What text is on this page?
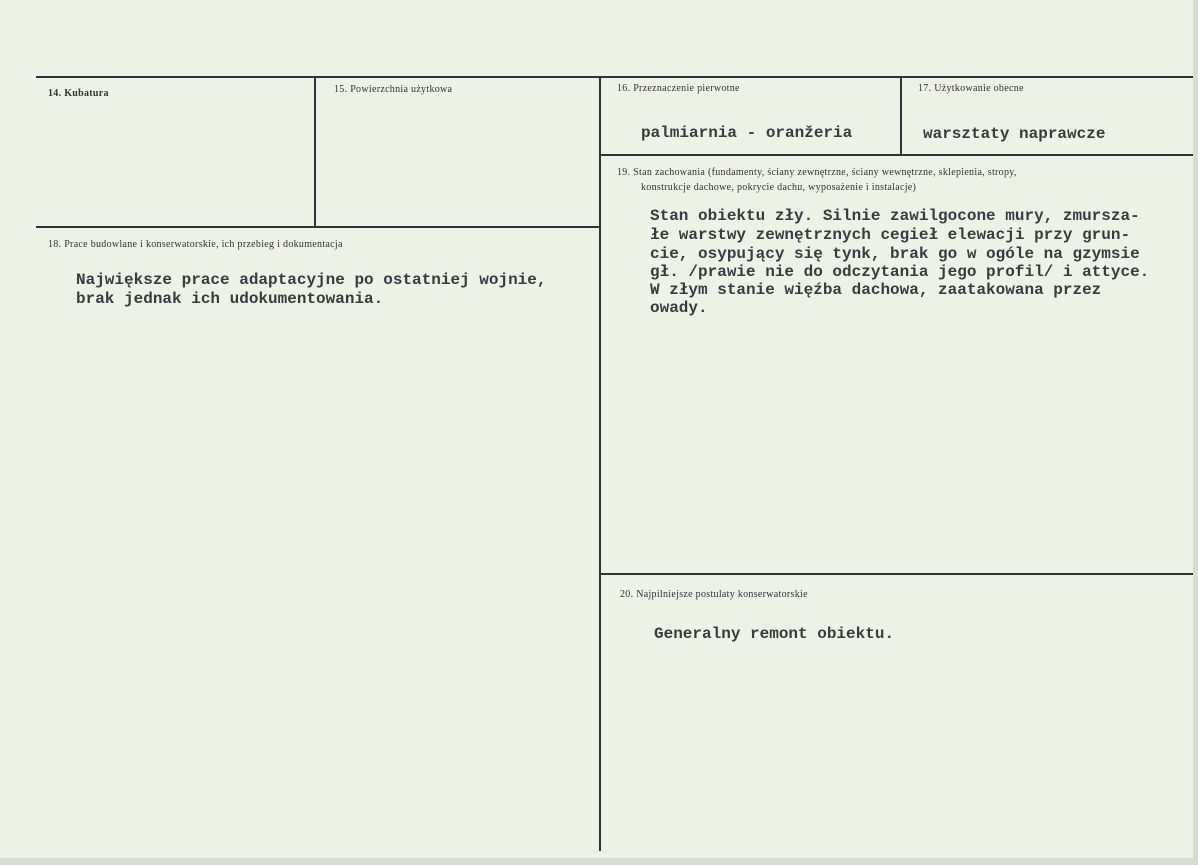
14. Kubatura	15. Powierzchnia użytkowa	16. Przeznaczenie pierwotne
palmiarnia - oranžeria
17. Użytkowanie obecne
warsztaty naprawcze
18. Prace budowlane i konserwatorskie, ich przebieg i dokumentacja
Największe prace adaptacyjne po ostatniej wojnie,
brak jednak ich udokumentowania.
19. Stan zachowania (fundamenty, ściany zewnętrzne, ściany wewnętrzne, sklepienia, stropy,
konstrukcje dachowe, pokrycie dachu, wyposażenie i instalacje)
Stan obiektu zły. Silnie zawilgocone mury, zmursza-
łe warstwy zewnętrznych cegieł elewacji przy grun-
cie, osypujący się tynk, brak go w ogóle na gzymsie
gł. /prawie nie do odczytania jego profil/ i attyce.
W złym stanie więźba dachowa, zaatakowana przez
owady.
20. Najpilniejsze postulaty konserwatorskie
Generalny remont obiektu.
